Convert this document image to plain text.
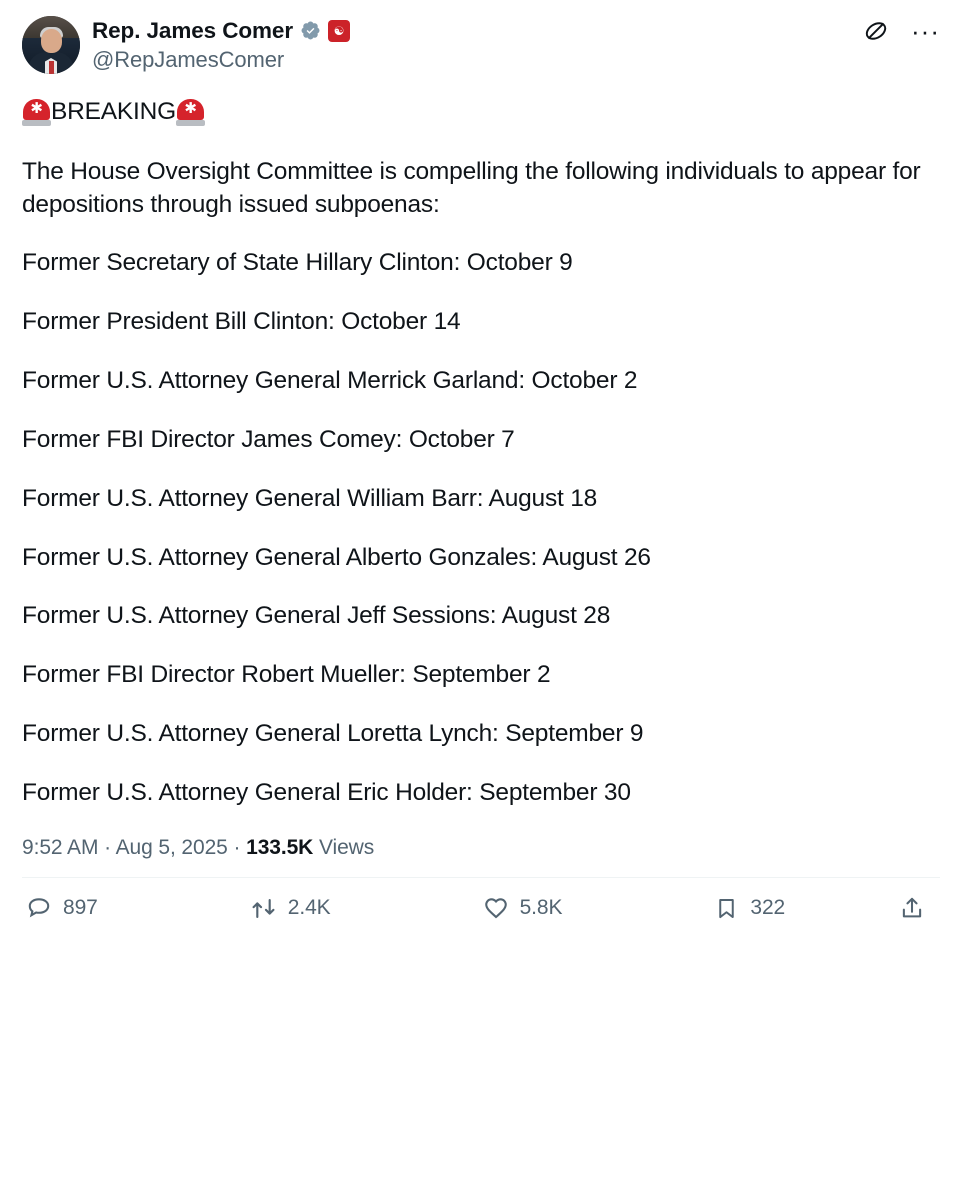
Rep. James Comer	☯
@RepJamesComer
···

✱ BREAKING ✱

The House Oversight Committee is compelling the following individuals to appear for depositions through issued subpoenas:

Former Secretary of State Hillary Clinton: October 9

Former President Bill Clinton: October 14

Former U.S. Attorney General Merrick Garland: October 2

Former FBI Director James Comey: October 7

Former U.S. Attorney General William Barr: August 18

Former U.S. Attorney General Alberto Gonzales: August 26

Former U.S. Attorney General Jeff Sessions: August 28

Former FBI Director Robert Mueller: September 2

Former U.S. Attorney General Loretta Lynch: September 9

Former U.S. Attorney General Eric Holder: September 30

9:52 AM · Aug 5, 2025 · 133.5K Views
897	2.4K	5.8K	322
